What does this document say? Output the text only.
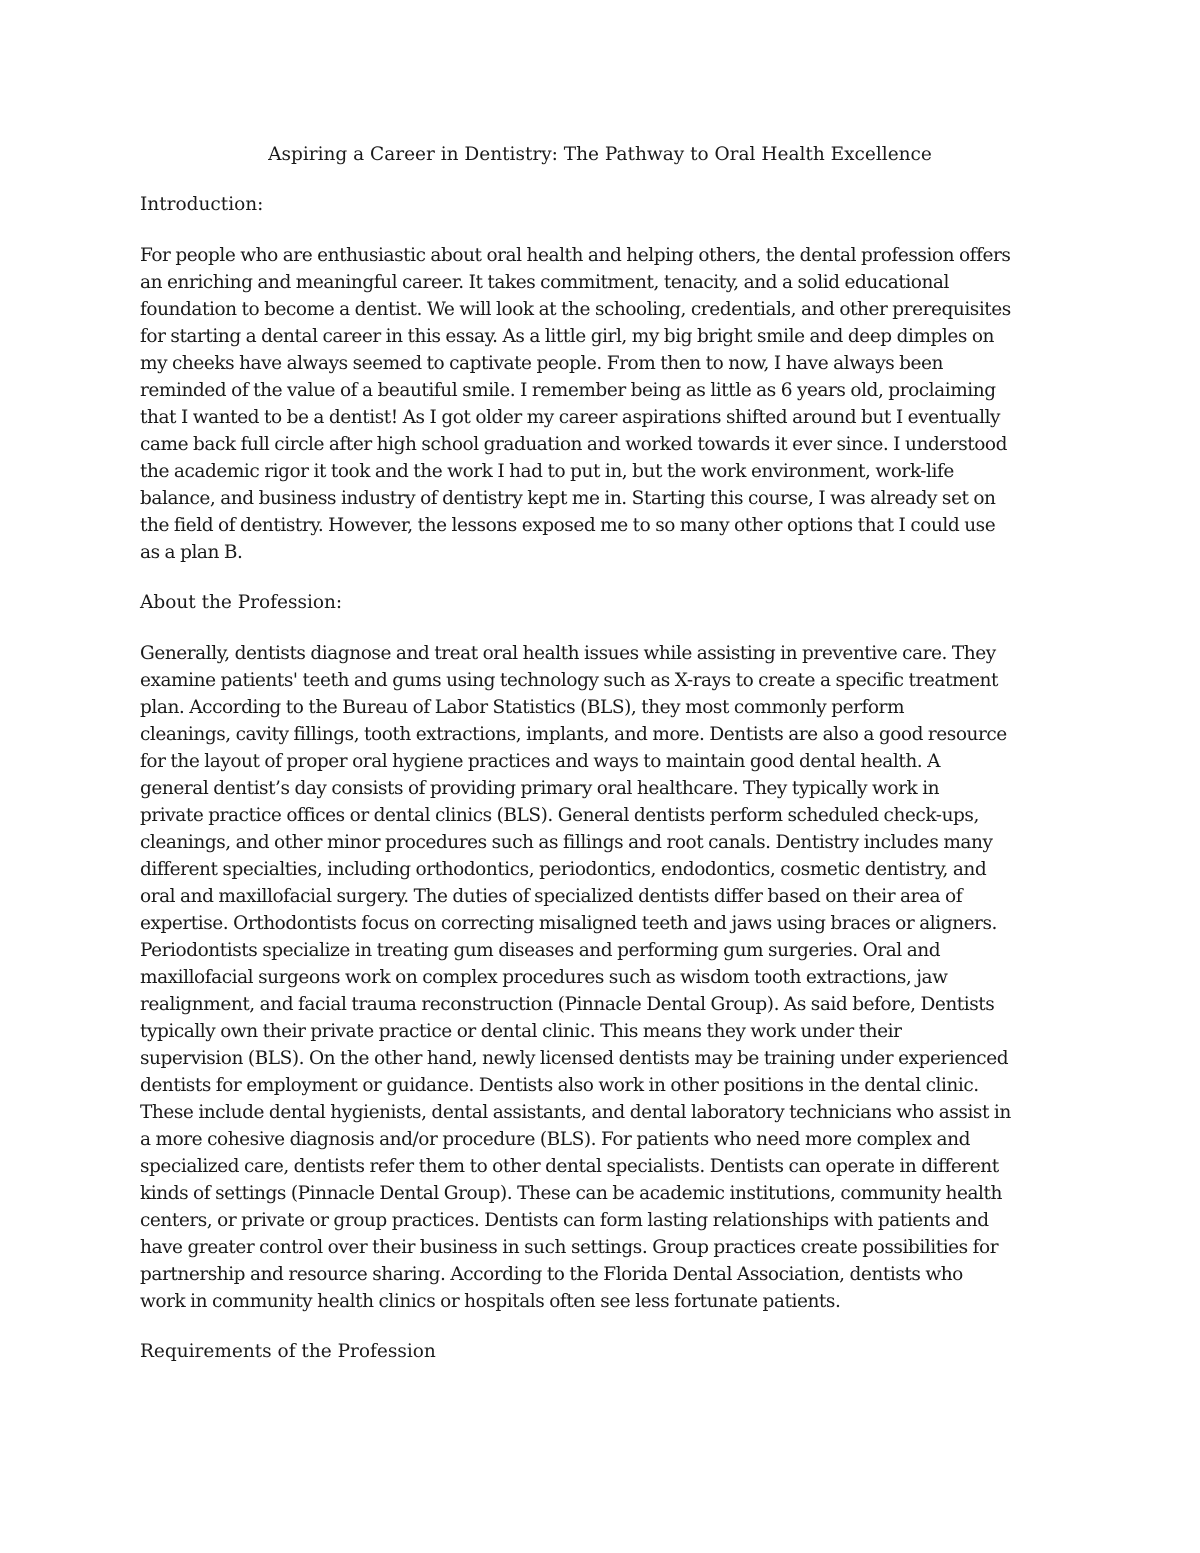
Aspiring a Career in Dentistry: The Pathway to Oral Health Excellence
Introduction:

For people who are enthusiastic about oral health and helping others, the dental profession offers
an enriching and meaningful career. It takes commitment, tenacity, and a solid educational
foundation to become a dentist. We will look at the schooling, credentials, and other prerequisites
for starting a dental career in this essay. As a little girl, my big bright smile and deep dimples on
my cheeks have always seemed to captivate people. From then to now, I have always been
reminded of the value of a beautiful smile. I remember being as little as 6 years old, proclaiming
that I wanted to be a dentist! As I got older my career aspirations shifted around but I eventually
came back full circle after high school graduation and worked towards it ever since. I understood
the academic rigor it took and the work I had to put in, but the work environment, work-life
balance, and business industry of dentistry kept me in. Starting this course, I was already set on
the field of dentistry. However, the lessons exposed me to so many other options that I could use
as a plan B.

About the Profession:

Generally, dentists diagnose and treat oral health issues while assisting in preventive care. They
examine patients' teeth and gums using technology such as X-rays to create a specific treatment
plan. According to the Bureau of Labor Statistics (BLS), they most commonly perform
cleanings, cavity fillings, tooth extractions, implants, and more. Dentists are also a good resource
for the layout of proper oral hygiene practices and ways to maintain good dental health. A
general dentist’s day consists of providing primary oral healthcare. They typically work in
private practice offices or dental clinics (BLS). General dentists perform scheduled check-ups,
cleanings, and other minor procedures such as fillings and root canals. Dentistry includes many
different specialties, including orthodontics, periodontics, endodontics, cosmetic dentistry, and
oral and maxillofacial surgery. The duties of specialized dentists differ based on their area of
expertise. Orthodontists focus on correcting misaligned teeth and jaws using braces or aligners.
Periodontists specialize in treating gum diseases and performing gum surgeries. Oral and
maxillofacial surgeons work on complex procedures such as wisdom tooth extractions, jaw
realignment, and facial trauma reconstruction (Pinnacle Dental Group). As said before, Dentists
typically own their private practice or dental clinic. This means they work under their
supervision (BLS). On the other hand, newly licensed dentists may be training under experienced
dentists for employment or guidance. Dentists also work in other positions in the dental clinic.
These include dental hygienists, dental assistants, and dental laboratory technicians who assist in
a more cohesive diagnosis and/or procedure (BLS). For patients who need more complex and
specialized care, dentists refer them to other dental specialists. Dentists can operate in different
kinds of settings (Pinnacle Dental Group). These can be academic institutions, community health
centers, or private or group practices. Dentists can form lasting relationships with patients and
have greater control over their business in such settings. Group practices create possibilities for
partnership and resource sharing. According to the Florida Dental Association, dentists who
work in community health clinics or hospitals often see less fortunate patients.

Requirements of the Profession
